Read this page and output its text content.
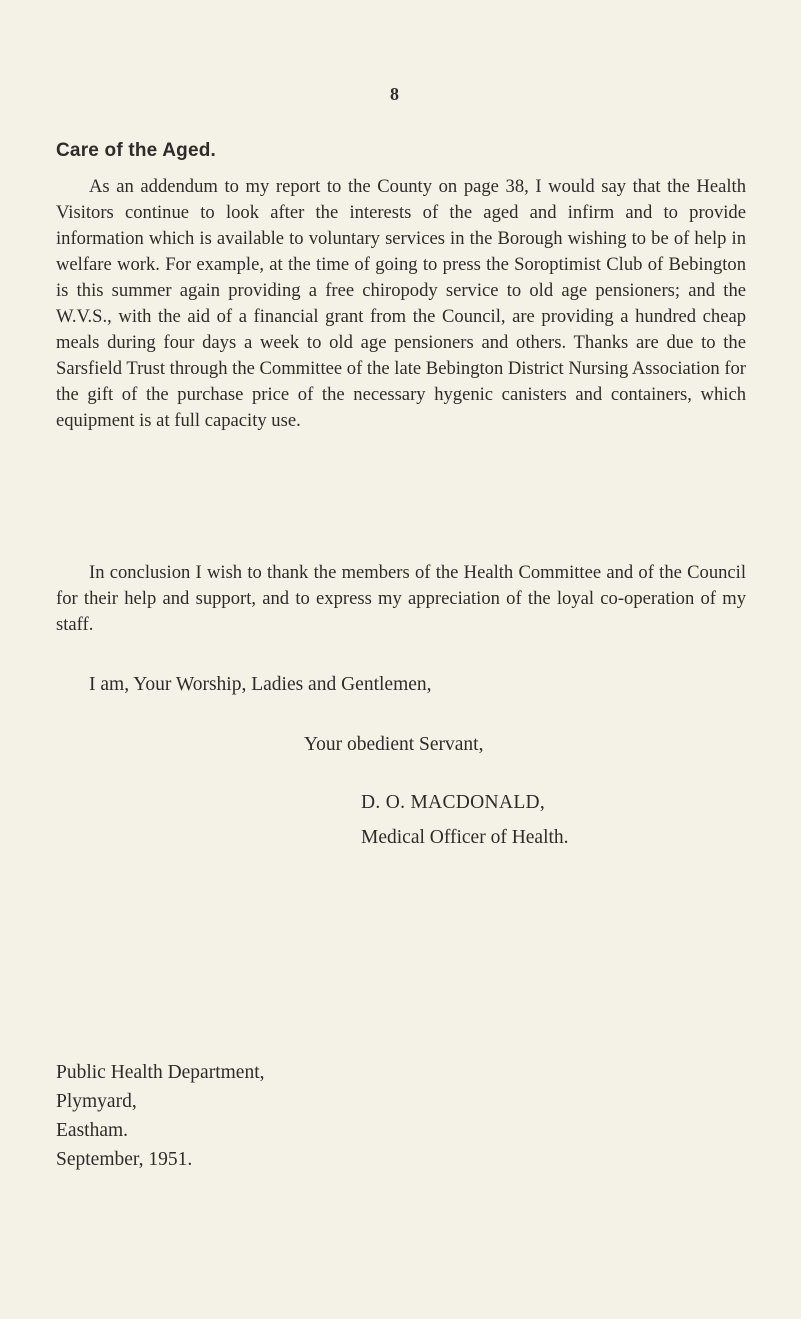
8
Care of the Aged.

As an addendum to my report to the County on page 38, I would say that the Health Visitors continue to look after the interests of the aged and infirm and to provide information which is available to voluntary services in the Borough wishing to be of help in welfare work. For example, at the time of going to press the Soroptimist Club of Bebington is this summer again providing a free chiropody service to old age pensioners; and the W.V.S., with the aid of a financial grant from the Council, are providing a hundred cheap meals during four days a week to old age pensioners and others. Thanks are due to the Sarsfield Trust through the Committee of the late Bebington District Nursing Association for the gift of the purchase price of the necessary hygenic canisters and containers, which equipment is at full capacity use.

In conclusion I wish to thank the members of the Health Committee and of the Council for their help and support, and to express my appreciation of the loyal co-operation of my staff.

I am, Your Worship, Ladies and Gentlemen,
Your obedient Servant,
D. O. MACDONALD,
Medical Officer of Health.
Public Health Department,
Plymyard,
Eastham.
September, 1951.
